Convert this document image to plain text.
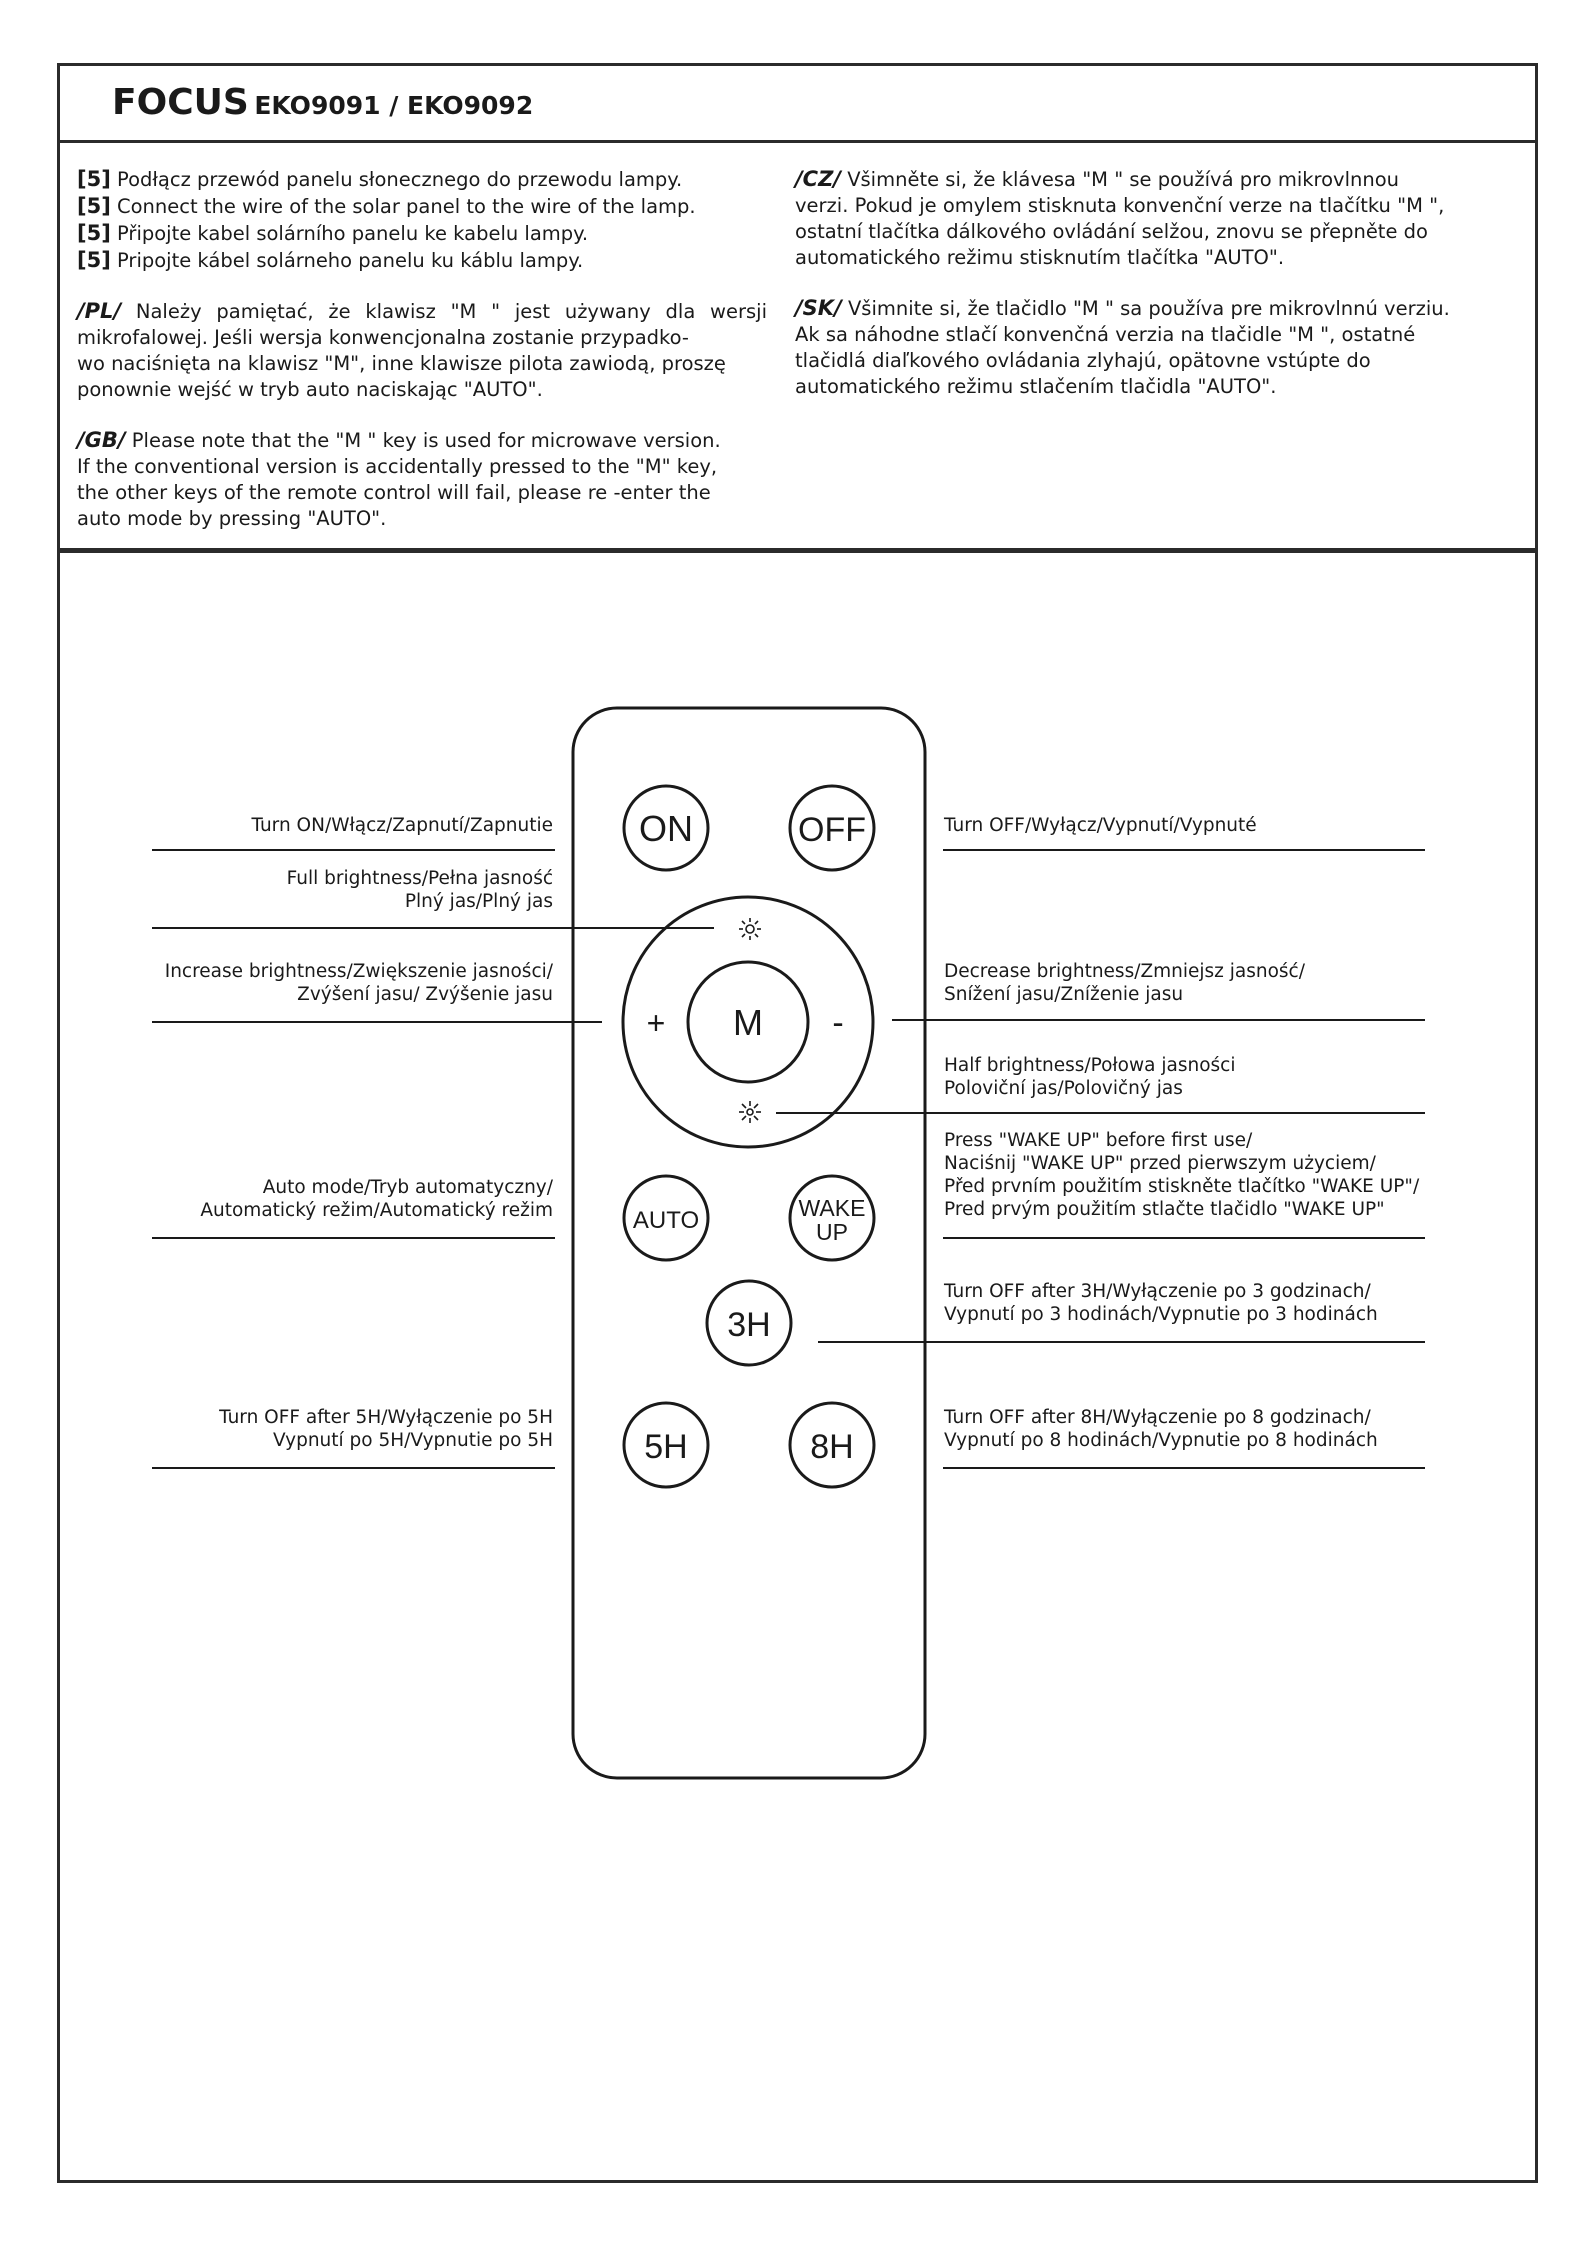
FOCUS EKO9091 / EKO9092

[5] Podłącz przewód panelu słonecznego do przewodu lampy.
[5] Connect the wire of the solar panel to the wire of the lamp.
[5] Připojte kabel solárního panelu ke kabelu lampy.
[5] Pripojte kábel solárneho panelu ku káblu lampy.

/PL/ Należy pamiętać, że klawisz "M " jest używany dla wersji mikrofalowej. Jeśli wersja konwencjonalna zostanie przypadko-
wo naciśnięta na klawisz "M", inne klawisze pilota zawiodą, proszę
ponownie wejść w tryb auto naciskając "AUTO".

/GB/ Please note that the "M " key is used for microwave version.
If the conventional version is accidentally pressed to the "M" key,
the other keys of the remote control will fail, please re -enter the
auto mode by pressing "AUTO".

/CZ/ Všimněte si, že klávesa "M " se používá pro mikrovlnnou
verzi. Pokud je omylem stisknuta konvenční verze na tlačítku "M ",
ostatní tlačítka dálkového ovládání selžou, znovu se přepněte do
automatického režimu stisknutím tlačítka "AUTO".

/SK/ Všimnite si, že tlačidlo "M " sa používa pre mikrovlnnú verziu.
Ak sa náhodne stlačí konvenčná verzia na tlačidle "M ", ostatné
tlačidlá diaľkového ovládania zlyhajú, opätovne vstúpte do
automatického režimu stlačením tlačidla "AUTO".

ON	OFF
M
+	-
AUTO	WAKE
UP
3H
5H	8H
Turn ON/Włącz/Zapnutí/Zapnutie	Turn OFF/Wyłącz/Vypnutí/Vypnuté
Full brightness/Pełna jasność
Plný jas/Plný jas
Increase brightness/Zwiększenie jasności/
Zvýšení jasu/ Zvýšenie jasu
Decrease brightness/Zmniejsz jasność/
Snížení jasu/Zníženie jasu
Half brightness/Połowa jasności
Poloviční jas/Polovičný jas
Press "WAKE UP" before first use/
Naciśnij "WAKE UP" przed pierwszym użyciem/
Před prvním použitím stiskněte tlačítko "WAKE UP"/
Pred prvým použitím stlačte tlačidlo "WAKE UP"
Auto mode/Tryb automatyczny/
Automatický režim/Automatický režim
Turn OFF after 3H/Wyłączenie po 3 godzinach/
Vypnutí po 3 hodinách/Vypnutie po 3 hodinách
Turn OFF after 5H/Wyłączenie po 5H
Vypnutí po 5H/Vypnutie po 5H
Turn OFF after 8H/Wyłączenie po 8 godzinach/
Vypnutí po 8 hodinách/Vypnutie po 8 hodinách
